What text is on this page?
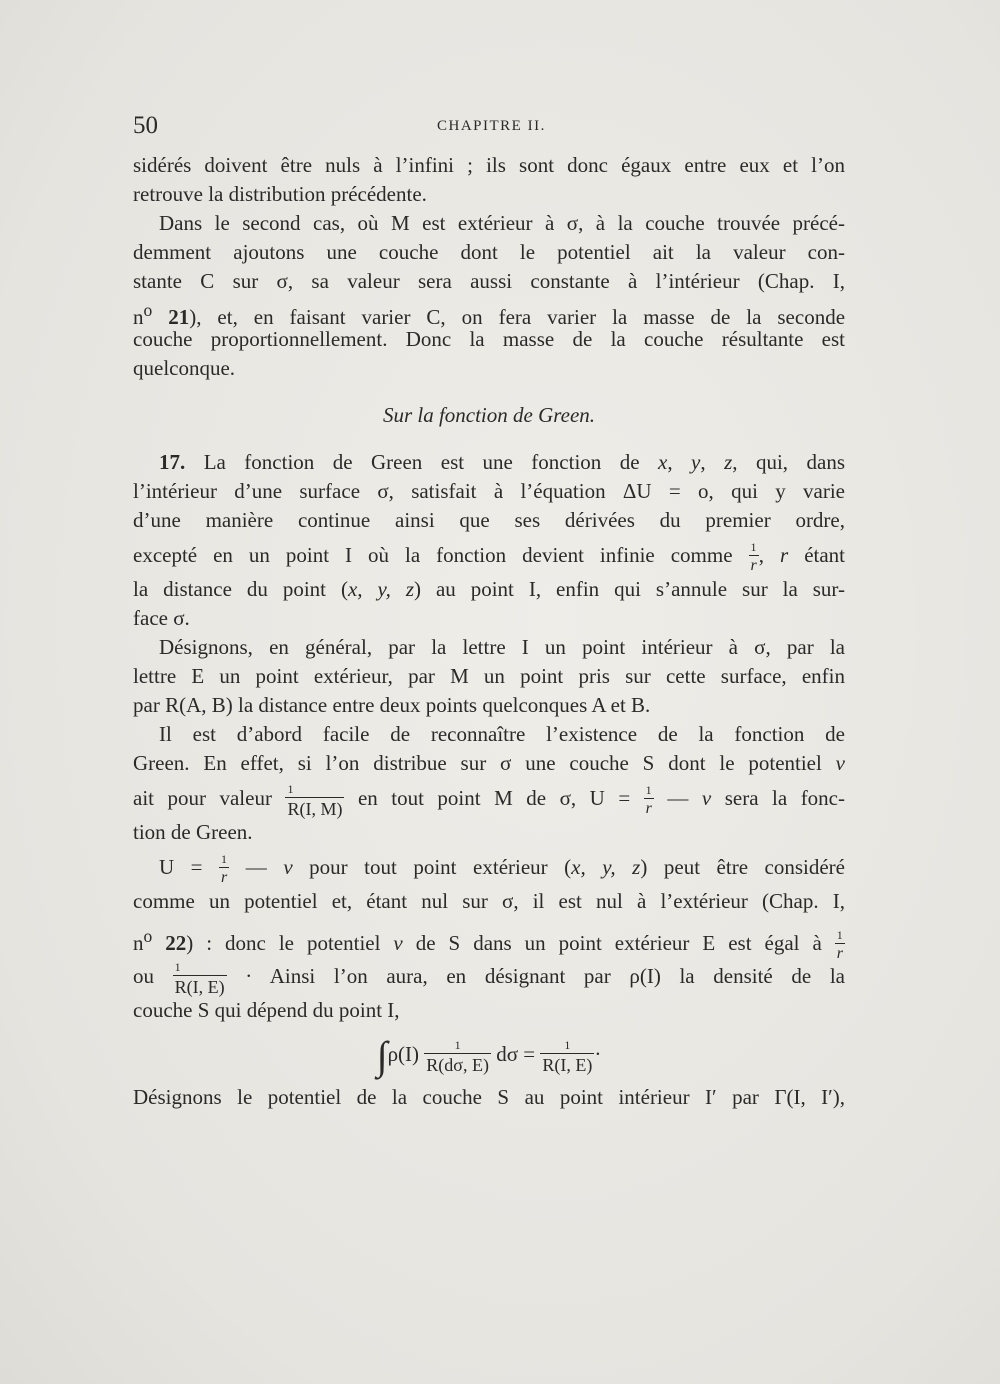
50	CHAPITRE II.
sidérés doivent être nuls à l’infini ; ils sont donc égaux entre eux et l’on
retrouve la distribution précédente.
Dans le second cas, où M est extérieur à σ, à la couche trouvée précé-
demment ajoutons une couche dont le potentiel ait la valeur con-
stante C sur σ, sa valeur sera aussi constante à l’intérieur (Chap. I,
$n^o$ 21), et, en faisant varier C, on fera varier la masse de la seconde
couche proportionnellement. Donc la masse de la couche résultante est
quelconque.
Sur la fonction de Green.
17. La fonction de Green est une fonction de x, y, z, qui, dans
l’intérieur d’une surface σ, satisfait à l’équation ΔU = o, qui y varie
d’une manière continue ainsi que ses dérivées du premier ordre,
excepté en un point I où la fonction devient infinie comme $\frac{1}{r}$ , r étant
la distance du point (x, y, z) au point I, enfin qui s’annule sur la sur-
face σ.
Désignons, en général, par la lettre I un point intérieur à σ, par la
lettre E un point extérieur, par M un point pris sur cette surface, enfin
par R(A, B) la distance entre deux points quelconques A et B.
Il est d’abord facile de reconnaître l’existence de la fonction de
Green. En effet, si l’on distribue sur σ une couche S dont le potentiel v
ait pour valeur $\frac{1}{R(I, M)}$ en tout point M de σ, $U = \frac{1}{r}$ — v sera la fonc-
tion de Green.
$U = \frac{1}{r}$ — v pour tout point extérieur (x, y, z) peut être considéré
comme un potentiel et, étant nul sur σ, il est nul à l’extérieur (Chap. I,
$n^o$ 22) : donc le potentiel v de S dans un point extérieur E est égal à $\frac{1}{r}$
ou $\frac{1}{R(I, E)}$ · Ainsi l’on aura, en désignant par ρ(I) la densité de la
couche S qui dépend du point I,
$\int\rho(I) \frac{1}{R(d\sigma, E)}$ $d\sigma = \frac{1}{R(I, E)}$ ·
Désignons le potentiel de la couche S au point intérieur I′ par Γ(I, I′),
